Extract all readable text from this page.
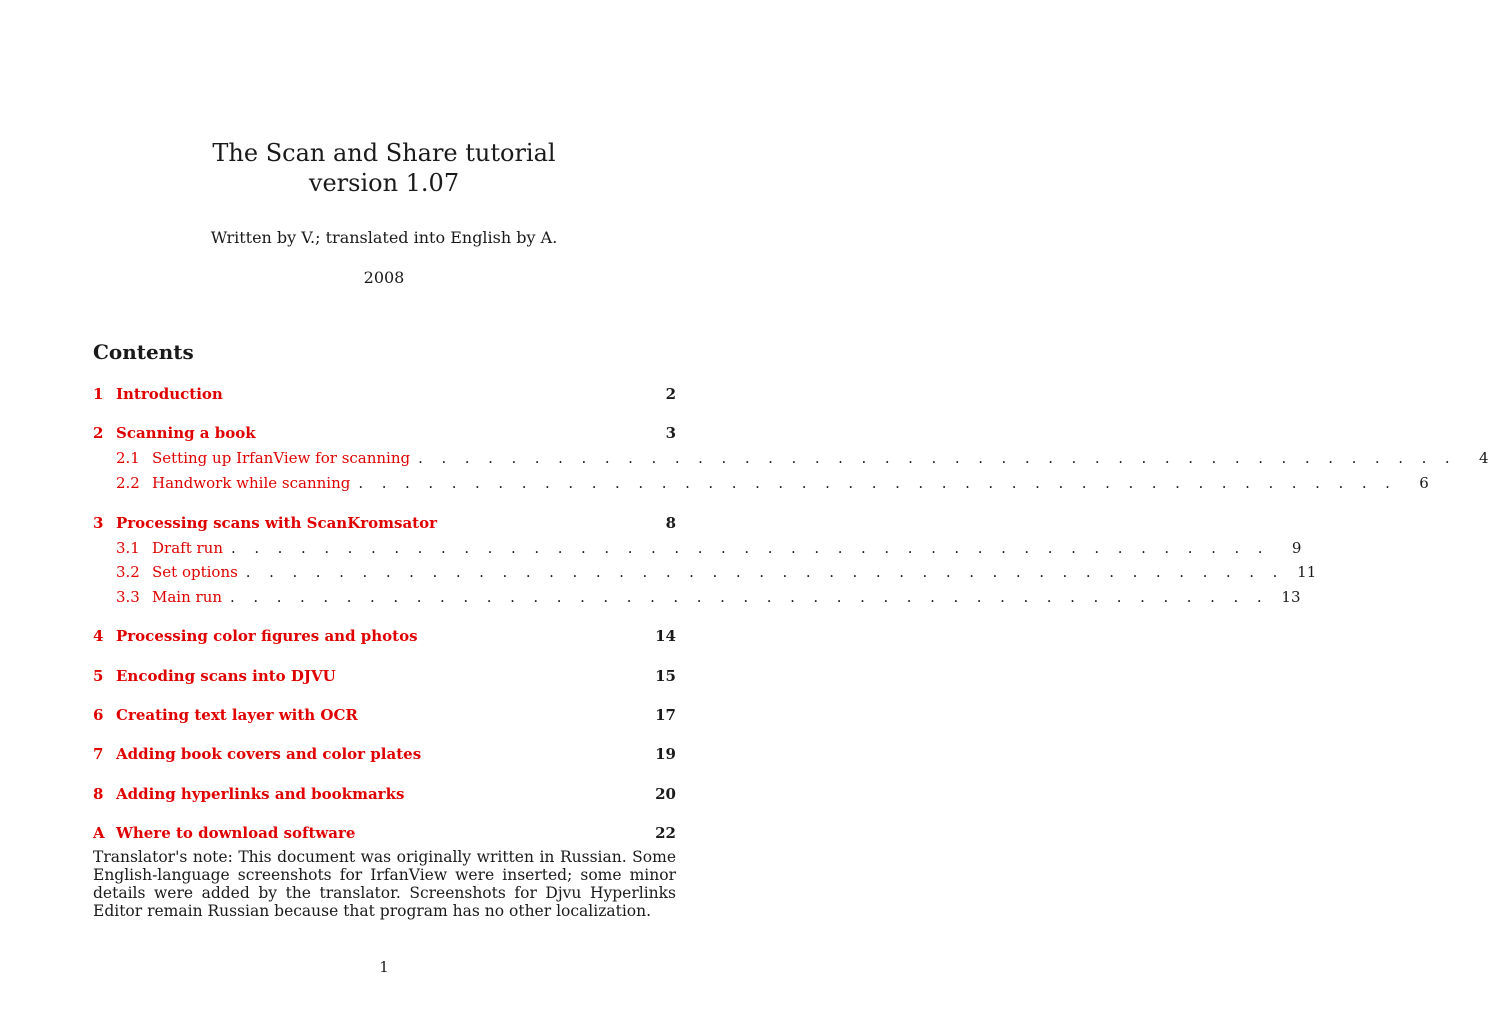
The Scan and Share tutorial
version 1.07
Written by V.; translated into English by A.
2008
Contents
1 Introduction	2
2 Scanning a book	3
2.1 Setting up IrfanView for scanning . . . . . . . . . . . . . . . . . . . . . . . . . . . . . . . . . . . . . . . . . . . . .	4
2.2 Handwork while scanning . . . . . . . . . . . . . . . . . . . . . . . . . . . . . . . . . . . . . . . . . . . . .	6
3 Processing scans with ScanKromsator	8
3.1 Draft run . . . . . . . . . . . . . . . . . . . . . . . . . . . . . . . . . . . . . . . . . . . . .	9
3.2 Set options . . . . . . . . . . . . . . . . . . . . . . . . . . . . . . . . . . . . . . . . . . . . . 11
3.3 Main run . . . . . . . . . . . . . . . . . . . . . . . . . . . . . . . . . . . . . . . . . . . . . 13
4 Processing color figures and photos	14
5 Encoding scans into DJVU	15
6 Creating text layer with OCR	17
7 Adding book covers and color plates	19
8 Adding hyperlinks and bookmarks	20
A Where to download software	22
Translator's note: This document was originally written in Russian. Some English-language screenshots for IrfanView were inserted; some minor details were added by the translator. Screenshots for Djvu Hyperlinks Editor remain Russian because that program has no other localization.
1
